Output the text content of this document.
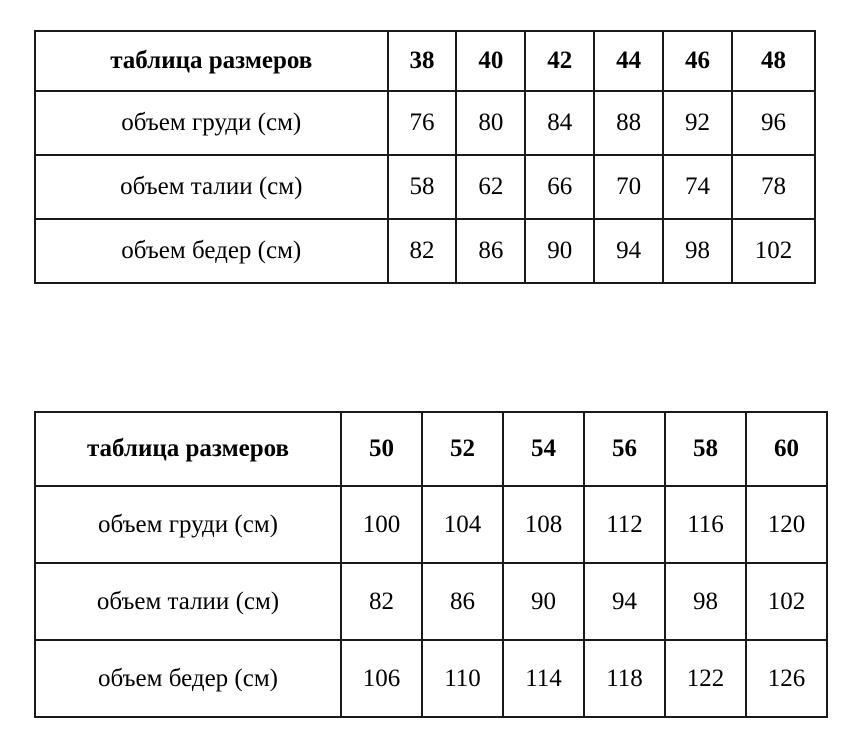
таблица размеров	38	40	42	44	46	48
объем груди (см)	76	80	84	88	92	96
объем талии (см)	58	62	66	70	74	78
объем бедер (см)	82	86	90	94	98	102
таблица размеров	50	52	54	56	58	60
объем груди (см)	100	104	108	112	116	120
объем талии (см)	82	86	90	94	98	102
объем бедер (см)	106	110	114	118	122	126
